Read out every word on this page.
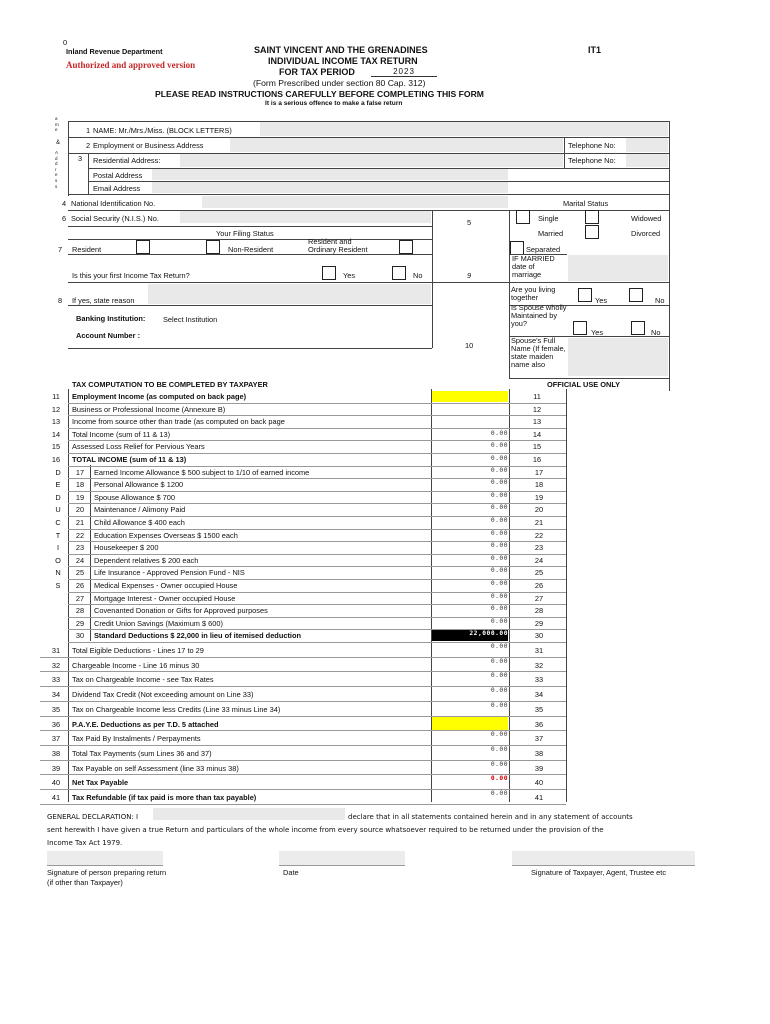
0
Inland Revenue Department
Authorized and approved version
SAINT VINCENT AND THE GRENADINES	IT1
INDIVIDUAL INCOME TAX RETURN
FOR TAX PERIOD	2023
(Form Prescribed under section 80 Cap. 312)
PLEASE READ INSTRUCTIONS CAREFULLY BEFORE COMPLETING THIS FORM
It is a serious offence to make a false return
a
m
e
&
A
d
d
r
e
s
s
1 NAME: Mr./Mrs./Miss. (BLOCK LETTERS)
2 Employment or Business Address	Telephone No:
3 Residential Address:	Telephone No:
Postal Address
Email Address
4 National Identification No.	Marital Status
6 Social Security (N.I.S.) No.	5	Single	Widowed
Your Filing Status	Married	Divorced
7 Resident	Non-Resident
Resident and Ordinary Resident	Separated
IF MARRIED date of marriage
Is this your first Income Tax Return?	Yes	No	9
8 If yes, state reason
Are you living together	Yes	No
Banking Institution: Select Institution
Is Spouse wholly Maintained by you?
Yes	No
Account Number :
Spouse's Full Name (If female, state maiden name also
10
TAX COMPUTATION TO BE COMPLETED BY TAXPAYER	OFFICIAL USE ONLY
11	Employment Income (as computed on back page)	11
12	Business or Professional Income (Annexure B)	12
13	Income from source other than trade (as computed on back page	13
14	Total Income (sum of 11 & 13)	0.00	14
15	Assessed Loss Relief for Pervious Years	0.00	15
16	TOTAL INCOME (sum of 11 & 13)	0.00	16
D	17	Earned Income Allowance $ 500 subject to 1/10 of earned income	0.00	17
E	18	Personal Allowance $ 1200	0.00	18
D	19	Spouse Allowance $ 700	0.00	19
U	20	Maintenance / Alimony Paid	0.00	20
C	21	Child Allowance $ 400 each	0.00	21
T	22	Education Expenses Overseas $ 1500 each	0.00	22
I	23	Housekeeper $ 200	0.00	23
O	24	Dependent relatives $ 200 each	0.00	24
N	25	Life Insurance - Approved Pension Fund - NIS	0.00	25
S	26	Medical Expenses - Owner occupied House	0.00	26
27	Mortgage Interest - Owner occupied House	0.00	27
28	Covenanted Donation or Gifts for Approved purposes	0.00	28
29	Credit Union Savings (Maximum $ 600)	0.00	29
30	Standard Deductions $ 22,000 in lieu of itemised deduction	22,000.00	30
31	Total Eigible Deductions - Lines 17 to 29	0.00	31
32	Chargeable Income - Line 16 minus 30	0.00	32
33	Tax on Chargeable Income - see Tax Rates	0.00	33
34	Dividend Tax Credit (Not exceeding amount on Line 33)	0.00	34
35	Tax on Chargeable Income less Credits (Line 33 minus Line 34)	0.00	35
36	P.A.Y.E. Deductions as per T.D. 5 attached	36
37	Tax Paid By Instalments / Perpayments	0.00	37
38	Total Tax Payments (sum Lines 36 and 37)	0.00	38
39	Tax Payable on self Assessment (line 33 minus 38)	0.00	39
40	Net Tax Payable	0.00	40
41	Tax Refundable (if tax paid is more than tax payable)	0.00	41
GENERAL DECLARATION: I	declare that in all statements contained herein and in any statement of accounts
sent herewith I have given a true Return and particulars of the whole income from every source whatsoever required to be returned under the provision of the
Income Tax Act 1979.
Signature of person preparing return
(if other than Taxpayer)
Date	Signature of Taxpayer, Agent, Trustee etc
